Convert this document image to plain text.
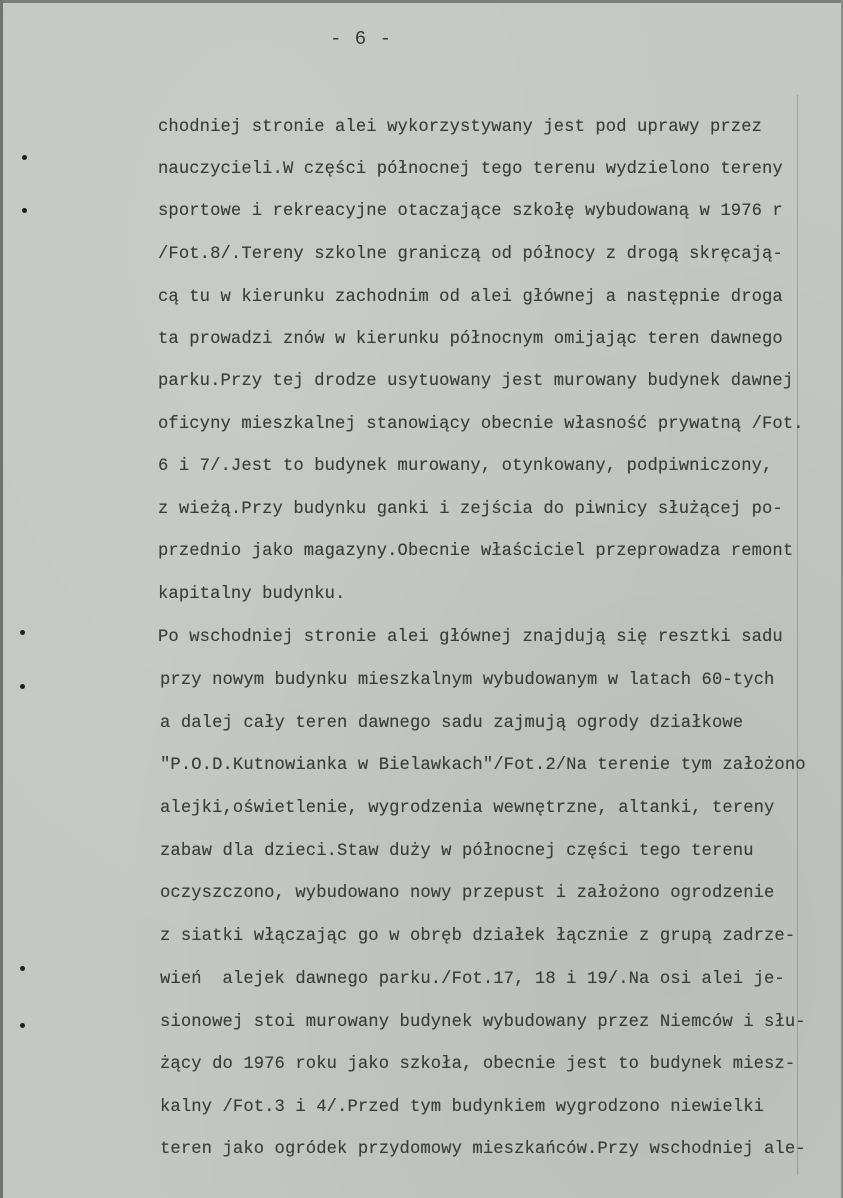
- 6 -
chodniej stronie alei wykorzystywany jest pod uprawy przez
nauczycieli.W części północnej tego terenu wydzielono tereny
sportowe i rekreacyjne otaczające szkołę wybudowaną w 1976 r
/Fot.8/.Tereny szkolne graniczą od północy z drogą skręcają-
cą tu w kierunku zachodnim od alei głównej a następnie droga
ta prowadzi znów w kierunku północnym omijając teren dawnego
parku.Przy tej drodze usytuowany jest murowany budynek dawnej
oficyny mieszkalnej stanowiący obecnie własność prywatną /Fot.
6 i 7/.Jest to budynek murowany, otynkowany, podpiwniczony,
z wieżą.Przy budynku ganki i zejścia do piwnicy służącej po-
przednio jako magazyny.Obecnie właściciel przeprowadza remont
kapitalny budynku.
Po wschodniej stronie alei głównej znajdują się resztki sadu
przy nowym budynku mieszkalnym wybudowanym w latach 60-tych
a dalej cały teren dawnego sadu zajmują ogrody działkowe
"P.O.D.Kutnowianka w Bielawkach"/Fot.2/Na terenie tym założono
alejki,oświetlenie, wygrodzenia wewnętrzne, altanki, tereny
zabaw dla dzieci.Staw duży w północnej części tego terenu
oczyszczono, wybudowano nowy przepust i założono ogrodzenie
z siatki włączając go w obręb działek łącznie z grupą zadrze-
wień  alejek dawnego parku./Fot.17, 18 i 19/.Na osi alei je-
sionowej stoi murowany budynek wybudowany przez Niemców i słu-
żący do 1976 roku jako szkoła, obecnie jest to budynek miesz-
kalny /Fot.3 i 4/.Przed tym budynkiem wygrodzono niewielki
teren jako ogródek przydomowy mieszkańców.Przy wschodniej ale-
